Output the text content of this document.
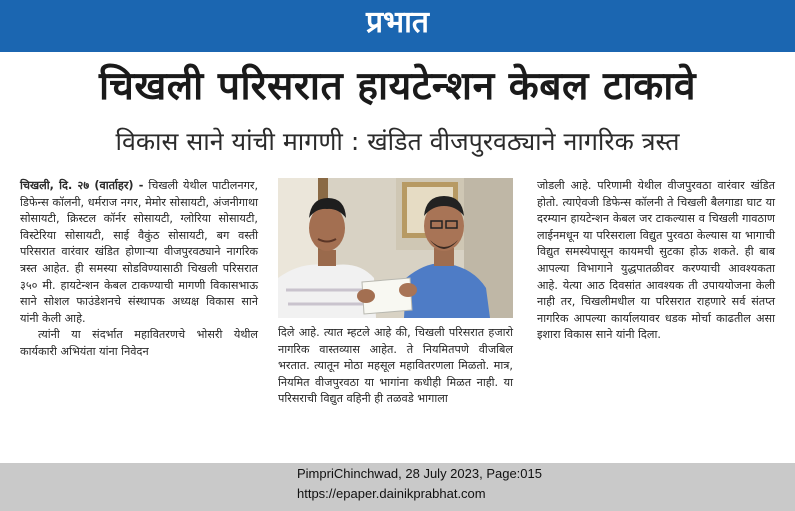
प्रभात
चिखली परिसरात हायटेन्शन केबल टाकावे
विकास साने यांची मागणी : खंडित वीजपुरवठ्याने नागरिक त्रस्त

चिखली, दि. २७ (वार्ताहर) - चिखली येथील पाटीलनगर, डिफेन्स कॉलनी, धर्मराज नगर, मेमोर सोसायटी, अंजनीगाथा सोसायटी, क्रिस्टल कॉर्नर सोसायटी, ग्लोरिया सोसायटी, विस्टेरिया सोसायटी, साई वैकुंठ सोसायटी, बग वस्ती परिसरात वारंवार खंडित होणाऱ्या वीजपुरवठ्याने नागरिक त्रस्त आहेत. ही समस्या सोडविण्यासाठी चिखली परिसरात ३५० मी. हायटेन्शन केबल टाकण्याची मागणी विकासभाऊ साने सोशल फाउंडेशनचे संस्थापक अध्यक्ष विकास साने यांनी केली आहे.

त्यांनी या संदर्भात महावितरणचे भोसरी येथील कार्यकारी अभियंता यांना निवेदन

दिले आहे. त्यात म्हटले आहे की, चिखली परिसरात हजारो नागरिक वास्तव्यास आहेत. ते नियमितपणे वीजबिल भरतात. त्यातून मोठा महसूल महावितरणला मिळतो. मात्र, नियमित वीजपुरवठा या भागांना कधीही मिळत नाही. या परिसराची विद्युत वहिनी ही तळवडे भागाला

जोडली आहे. परिणामी येथील वीजपुरवठा वारंवार खंडित होतो. त्याऐवजी डिफेन्स कॉलनी ते चिखली बैलगाडा घाट या दरम्यान हायटेन्शन केबल जर टाकल्यास व चिखली गावठाण लाईनमधून या परिसराला विद्युत पुरवठा केल्यास या भागाची विद्युत समस्येपासून कायमची सुटका होऊ शकते. ही बाब आपल्या विभागाने युद्धपातळीवर करण्याची आवश्यकता आहे. येत्या आठ दिवसांत आवश्यक ती उपाययोजना केली नाही तर, चिखलीमधील या परिसरात राहणारे सर्व संतप्त नागरिक आपल्या कार्यालयावर धडक मोर्चा काढतील असा इशारा विकास साने यांनी दिला.

PimpriChinchwad, 28 July 2023, Page:015
https://epaper.dainikprabhat.com
